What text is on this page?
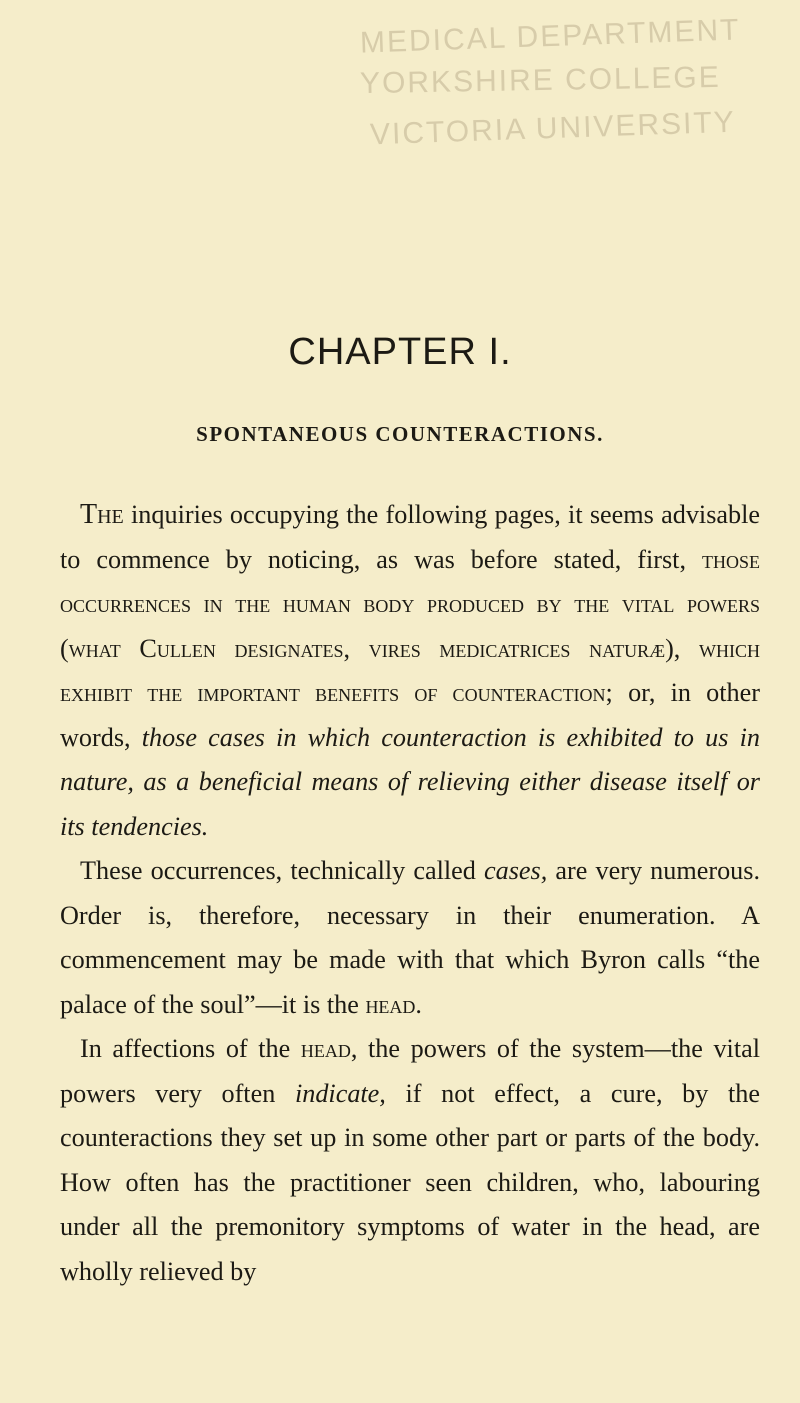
MEDICAL DEPARTMENT
YORKSHIRE COLLEGE
VICTORIA UNIVERSITY
CHAPTER I.
SPONTANEOUS COUNTERACTIONS.

The inquiries occupying the following pages, it seems advisable to commence by noticing, as was before stated, first, those occurrences in the human body produced by the vital powers (what Cullen designates, vires medicatrices naturæ), which exhibit the important benefits of counteraction; or, in other words, those cases in which counteraction is exhibited to us in nature, as a beneficial means of relieving either disease itself or its tendencies.

These occurrences, technically called cases, are very numerous. Order is, therefore, necessary in their enumeration. A commencement may be made with that which Byron calls “the palace of the soul”—it is the head.

In affections of the head, the powers of the system—the vital powers very often indicate, if not effect, a cure, by the counteractions they set up in some other part or parts of the body. How often has the practitioner seen children, who, labouring under all the premonitory symptoms of water in the head, are wholly relieved by
